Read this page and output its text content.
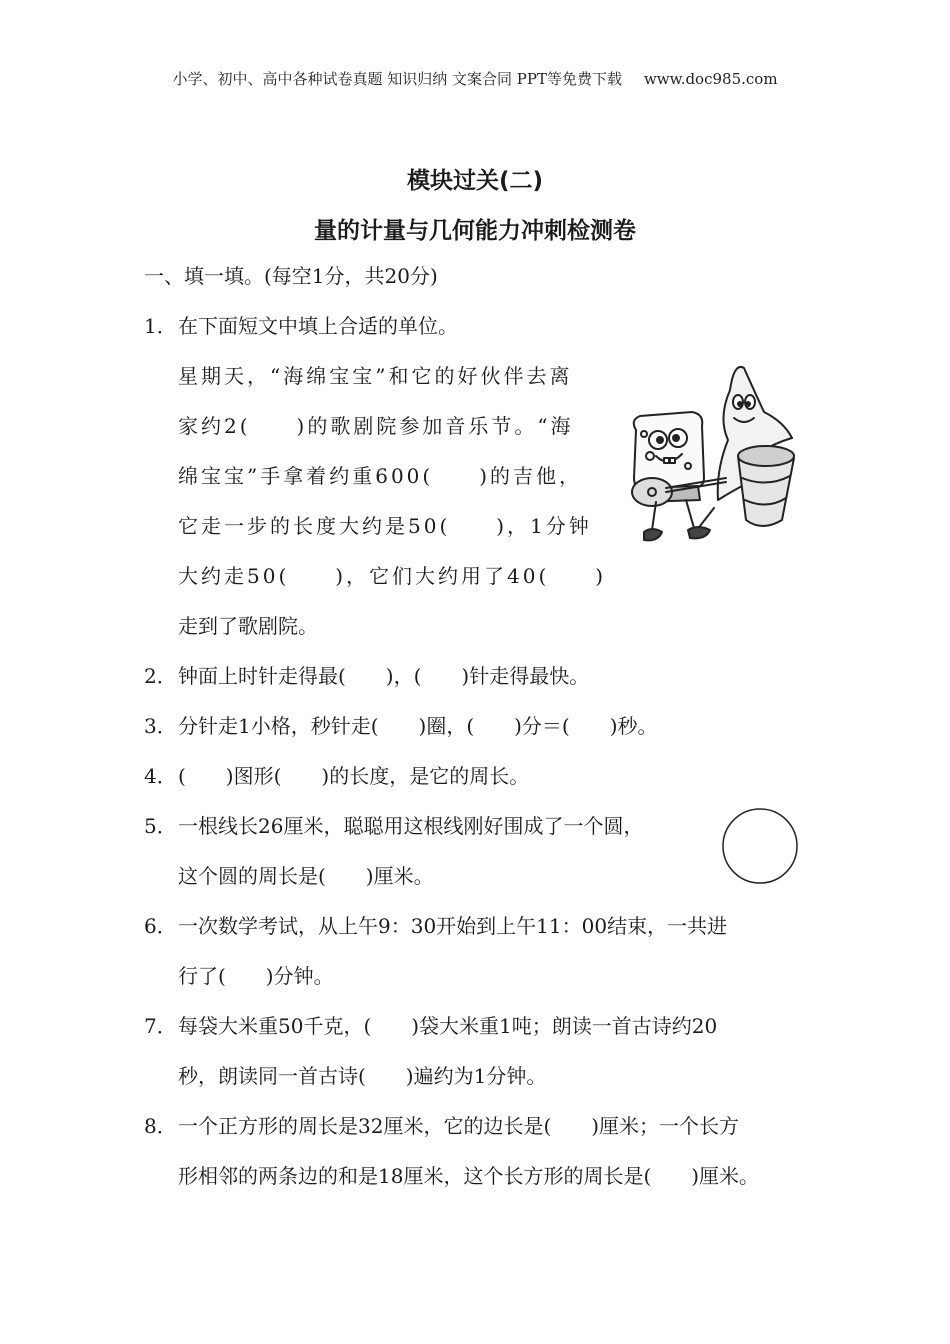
小学、初中、高中各种试卷真题 知识归纳 文案合同 PPT等免费下载 www.doc985.com
模块过关(二)
量的计量与几何能力冲刺检测卷
一、填一填。(每空1分，共20分)
1．在下面短文中填上合适的单位。
星期天，“海绵宝宝”和它的好伙伴去离
家约2(　　)的歌剧院参加音乐节。“海
绵宝宝”手拿着约重600(　　)的吉他，
它走一步的长度大约是50(　　)，1分钟
大约走50(　　)，它们大约用了40(　　)
走到了歌剧院。
2．钟面上时针走得最(　　)，(　　)针走得最快。
3．分针走1小格，秒针走(　　)圈，(　　)分＝(　　)秒。
4．(　　)图形(　　)的长度，是它的周长。
5．一根线长26厘米，聪聪用这根线刚好围成了一个圆，
这个圆的周长是(　　)厘米。
6．一次数学考试，从上午9：30开始到上午11：00结束，一共进
行了(　　)分钟。
7．每袋大米重50千克，(　　)袋大米重1吨；朗读一首古诗约20
秒，朗读同一首古诗(　　)遍约为1分钟。
8．一个正方形的周长是32厘米，它的边长是(　　)厘米；一个长方
形相邻的两条边的和是18厘米，这个长方形的周长是(　　)厘米。
